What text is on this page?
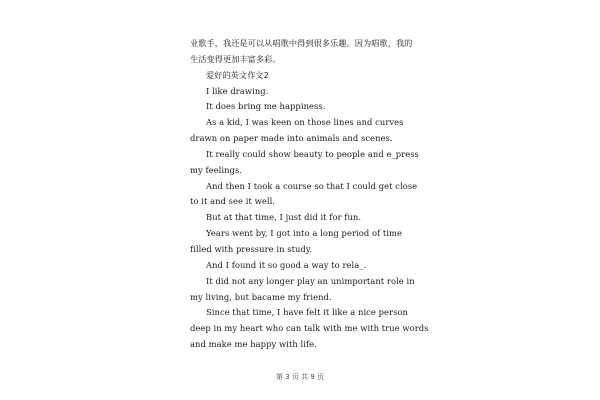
业歌手，我还是可以从唱歌中得到很多乐趣。因为唱歌，我的
生活变得更加丰富多彩。
爱好的英文作文2
I like drawing.
It does bring me happiness.
As a kid, I was keen on those lines and curves
drawn on paper made into animals and scenes.
It really could show beauty to people and e_press
my feelings.
And then I took a course so that I could get close
to it and see it well.
But at that time, I just did it for fun.
Years went by, I got into a long period of time
filled with pressure in study.
And I found it so good a way to rela_.
It did not any longer play an unimportant role in
my living, but bacame my friend.
Since that time, I have felt it like a nice person
deep in my heart who can talk with me with true words
and make me happy with life.
第 3 页 共 9 页
